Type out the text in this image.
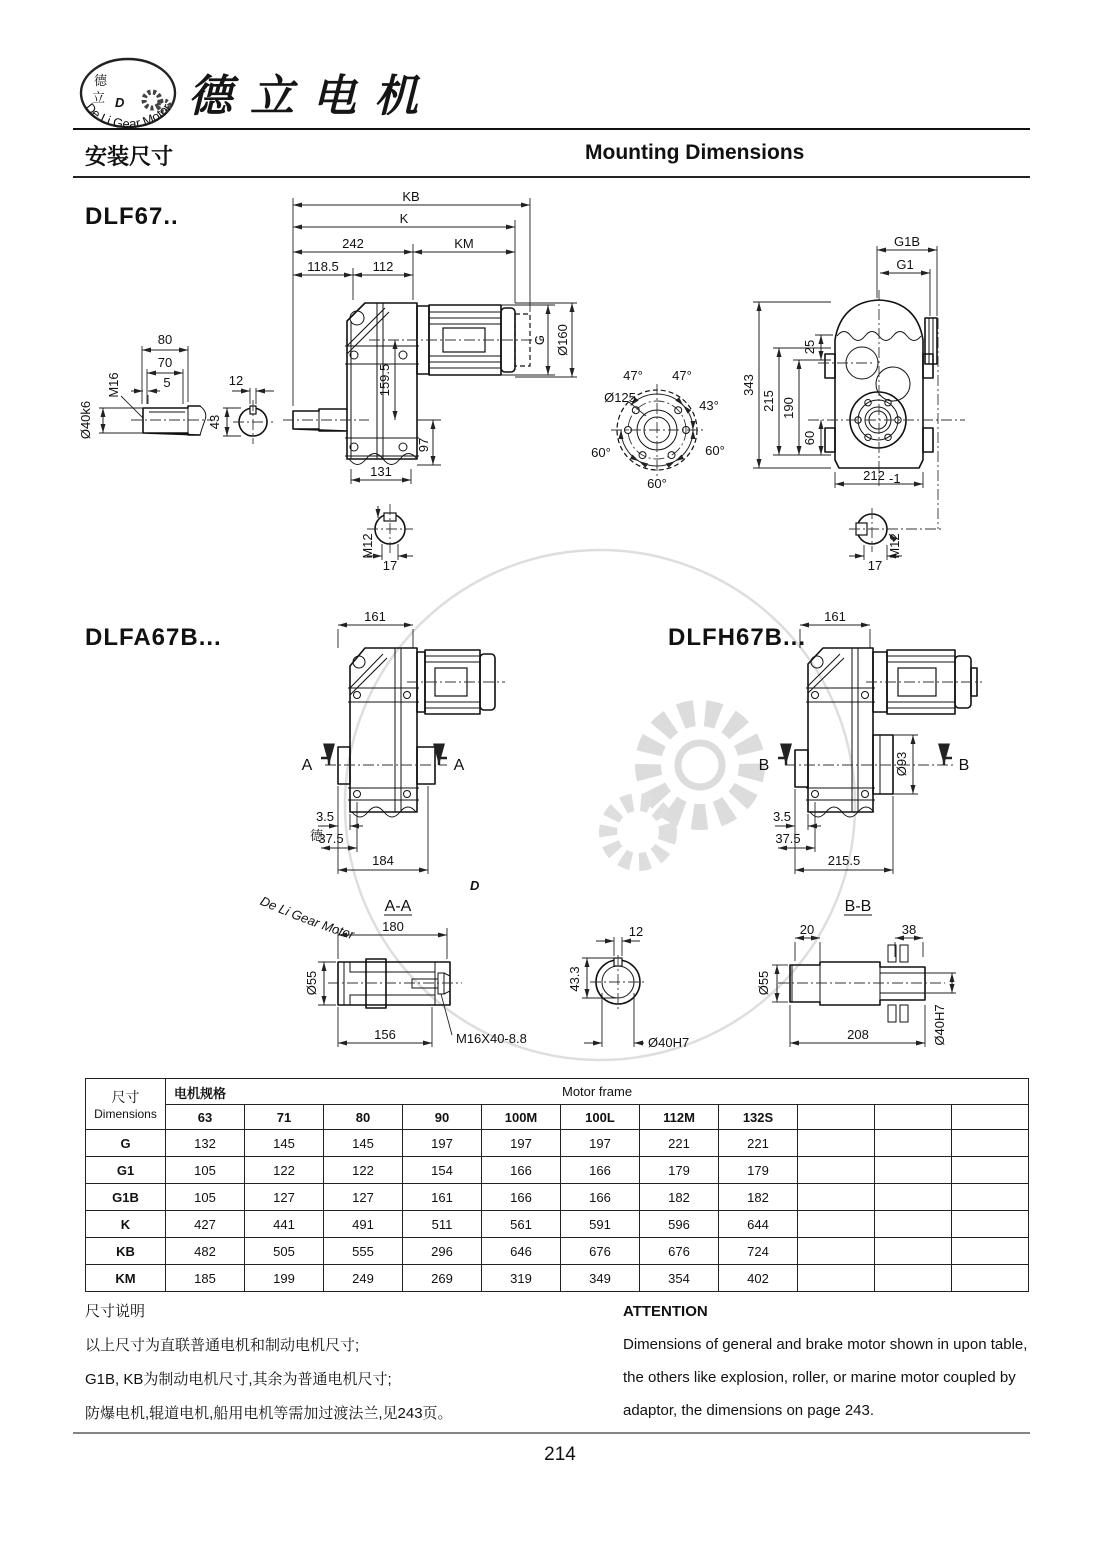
德
D
De Li Gear Motor
德
立 D
De Li Gear Motor 德立电机
安装尺寸	Mounting Dimensions
DLF67..
DLFA67B...	DLFH67B...
80
70
5
M16
Ø40k6
12
43
KB
K
242	KM
118.5	112
G Ø160
159.5
97
131
M12
17
Ø125
47° 47°
43°
60°	60°
60°
G1B
G1
343
215 190
25
60
212 -1
M12
17
161
A	A
3.5
37.5
184
161
Ø93
B	B
3.5
37.5
215.5
A-A
180
Ø55
156	M16X40-8.8
12
43.3
Ø40H7
B-B
20	38
Ø55
208	Ø40H7
尺寸
Dimensions

电机规格	Motor frame
	63	71	80	90	100M	100L	112M	132S			
G	132	145	145	197	197	197	221	221			
G1	105	122	122	154	166	166	179	179			
G1B	105	127	127	161	166	166	182	182			
K	427	441	491	511	561	591	596	644			
KB	482	505	555	296	646	676	676	724			
KM	185	199	249	269	319	349	354	402			
尺寸说明
以上尺寸为直联普通电机和制动电机尺寸;
G1B, KB为制动电机尺寸,其余为普通电机尺寸;
防爆电机,辊道电机,船用电机等需加过渡法兰,见243页。
ATTENTION
Dimensions of general and brake motor shown in upon table,
the others like explosion, roller, or marine motor coupled by
adaptor, the dimensions on page 243.
214
